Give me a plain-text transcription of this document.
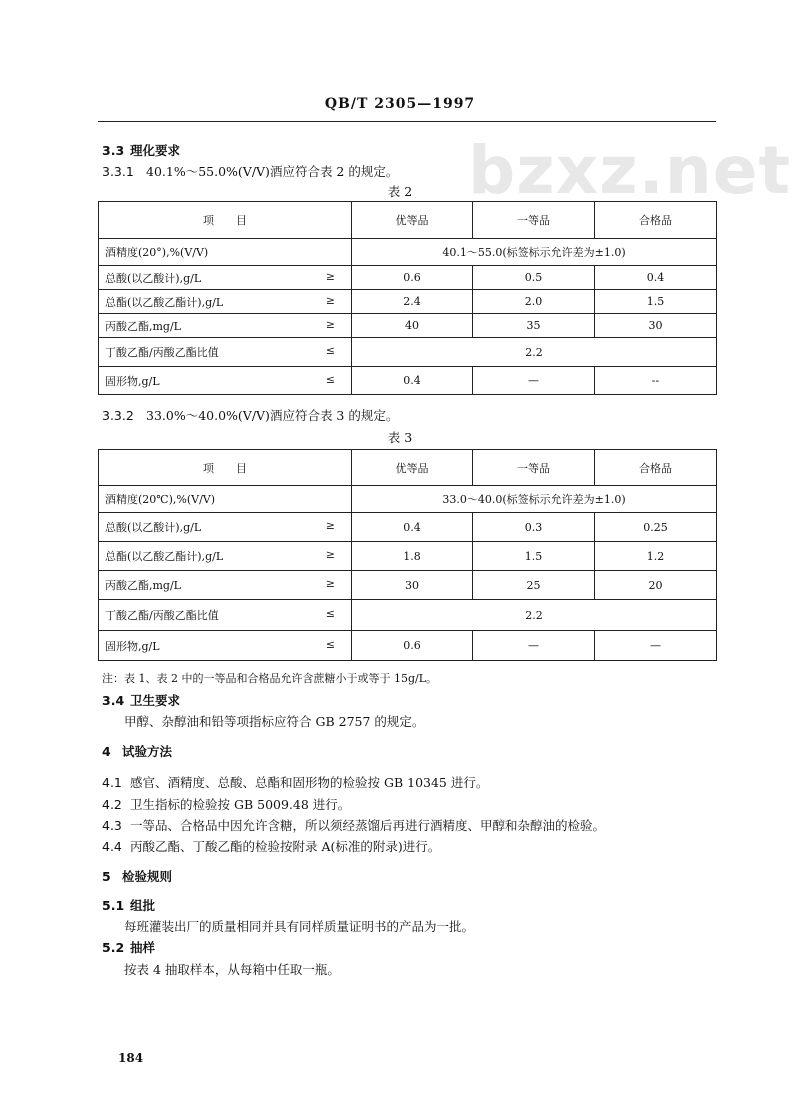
bzxz.net
QB/T 2305—1997
3.3 理化要求
3.3.1 40.1%～55.0%(V/V)酒应符合表 2 的规定。
表 2
项　　目	优等品	一等品	合格品

酒精度(20°),%(V/V)	40.1～55.0(标签标示允许差为±1.0)		

总酸(以乙酸计),g/L ≥	0.6	0.5	0.4

总酯(以乙酸乙酯计),g/L ≥	2.4	2.0	1.5

丙酸乙酯,mg/L ≥	40	35	30

丁酸乙酯/丙酸乙酯比值 ≤	2.2		

固形物,g/L ≤	0.4	—	--
3.3.2 33.0%～40.0%(V/V)酒应符合表 3 的规定。
表 3
项　　目	优等品	一等品	合格品

酒精度(20℃),%(V/V)	33.0～40.0(标签标示允许差为±1.0)		

总酸(以乙酸计),g/L ≥	0.4	0.3	0.25

总酯(以乙酸乙酯计),g/L ≥	1.8	1.5	1.2

丙酸乙酯,mg/L ≥	30	25	20

丁酸乙酯/丙酸乙酯比值 ≤	2.2		

固形物,g/L ≤	0.6	—	—
注：表 1、表 2 中的一等品和合格品允许含蔗糖小于或等于 15g/L。
3.4 卫生要求
甲醇、杂醇油和铅等项指标应符合 GB 2757 的规定。
4 试验方法
4.1 感官、酒精度、总酸、总酯和固形物的检验按 GB 10345 进行。
4.2 卫生指标的检验按 GB 5009.48 进行。
4.3 一等品、合格品中因允许含糖，所以须经蒸馏后再进行酒精度、甲醇和杂醇油的检验。
4.4 丙酸乙酯、丁酸乙酯的检验按附录 A(标准的附录)进行。
5 检验规则
5.1 组批
每班灌装出厂的质量相同并具有同样质量证明书的产品为一批。
5.2 抽样
按表 4 抽取样本，从每箱中任取一瓶。
184
